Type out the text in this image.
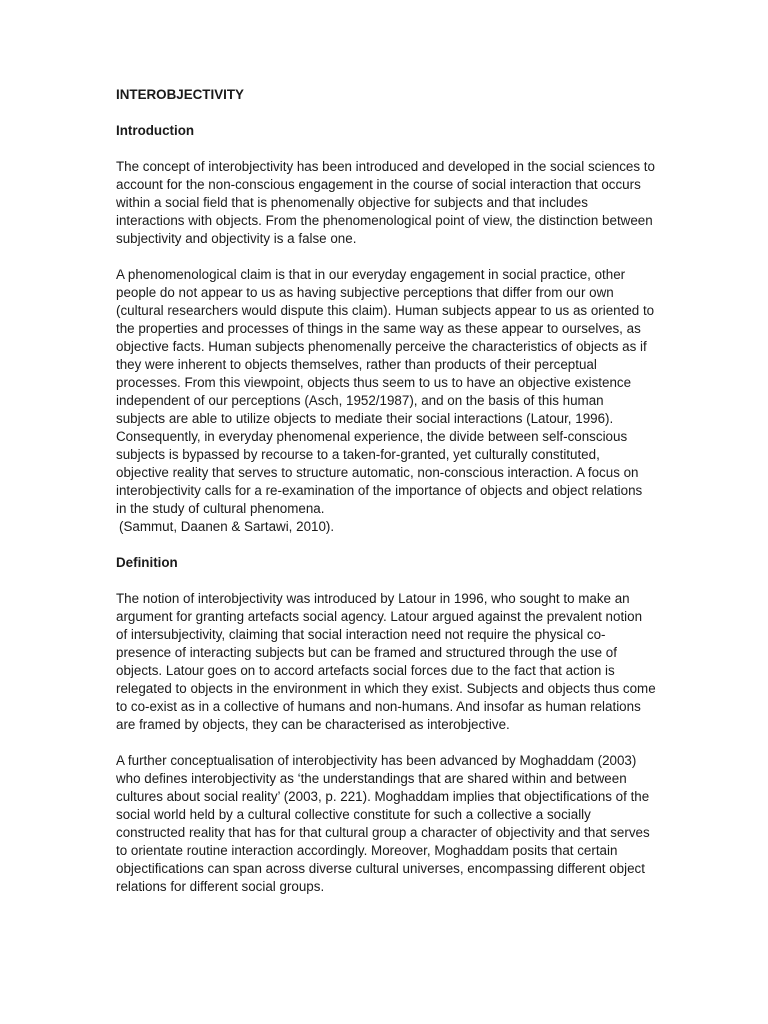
INTEROBJECTIVITY
Introduction

The concept of interobjectivity has been introduced and developed in the social sciences to account for the non-conscious engagement in the course of social interaction that occurs within a social field that is phenomenally objective for subjects and that includes interactions with objects. From the phenomenological point of view, the distinction between subjectivity and objectivity is a false one.

A phenomenological claim is that in our everyday engagement in social practice, other people do not appear to us as having subjective perceptions that differ from our own (cultural researchers would dispute this claim). Human subjects appear to us as oriented to the properties and processes of things in the same way as these appear to ourselves, as objective facts. Human subjects phenomenally perceive the characteristics of objects as if they were inherent to objects themselves, rather than products of their perceptual processes. From this viewpoint, objects thus seem to us to have an objective existence independent of our perceptions (Asch, 1952/1987), and on the basis of this human subjects are able to utilize objects to mediate their social interactions (Latour, 1996). Consequently, in everyday phenomenal experience, the divide between self-conscious subjects is bypassed by recourse to a taken-for-granted, yet culturally constituted, objective reality that serves to structure automatic, non-conscious interaction. A focus on interobjectivity calls for a re-examination of the importance of objects and object relations in the study of cultural phenomena.

(Sammut, Daanen & Sartawi, 2010).

Definition

The notion of interobjectivity was introduced by Latour in 1996, who sought to make an argument for granting artefacts social agency. Latour argued against the prevalent notion of intersubjectivity, claiming that social interaction need not require the physical co-presence of interacting subjects but can be framed and structured through the use of objects. Latour goes on to accord artefacts social forces due to the fact that action is relegated to objects in the environment in which they exist. Subjects and objects thus come to co-exist as in a collective of humans and non-humans. And insofar as human relations are framed by objects, they can be characterised as interobjective.

A further conceptualisation of interobjectivity has been advanced by Moghaddam (2003) who defines interobjectivity as ‘the understandings that are shared within and between cultures about social reality’ (2003, p. 221). Moghaddam implies that objectifications of the social world held by a cultural collective constitute for such a collective a socially constructed reality that has for that cultural group a character of objectivity and that serves to orientate routine interaction accordingly. Moreover, Moghaddam posits that certain objectifications can span across diverse cultural universes, encompassing different object relations for different social groups.
